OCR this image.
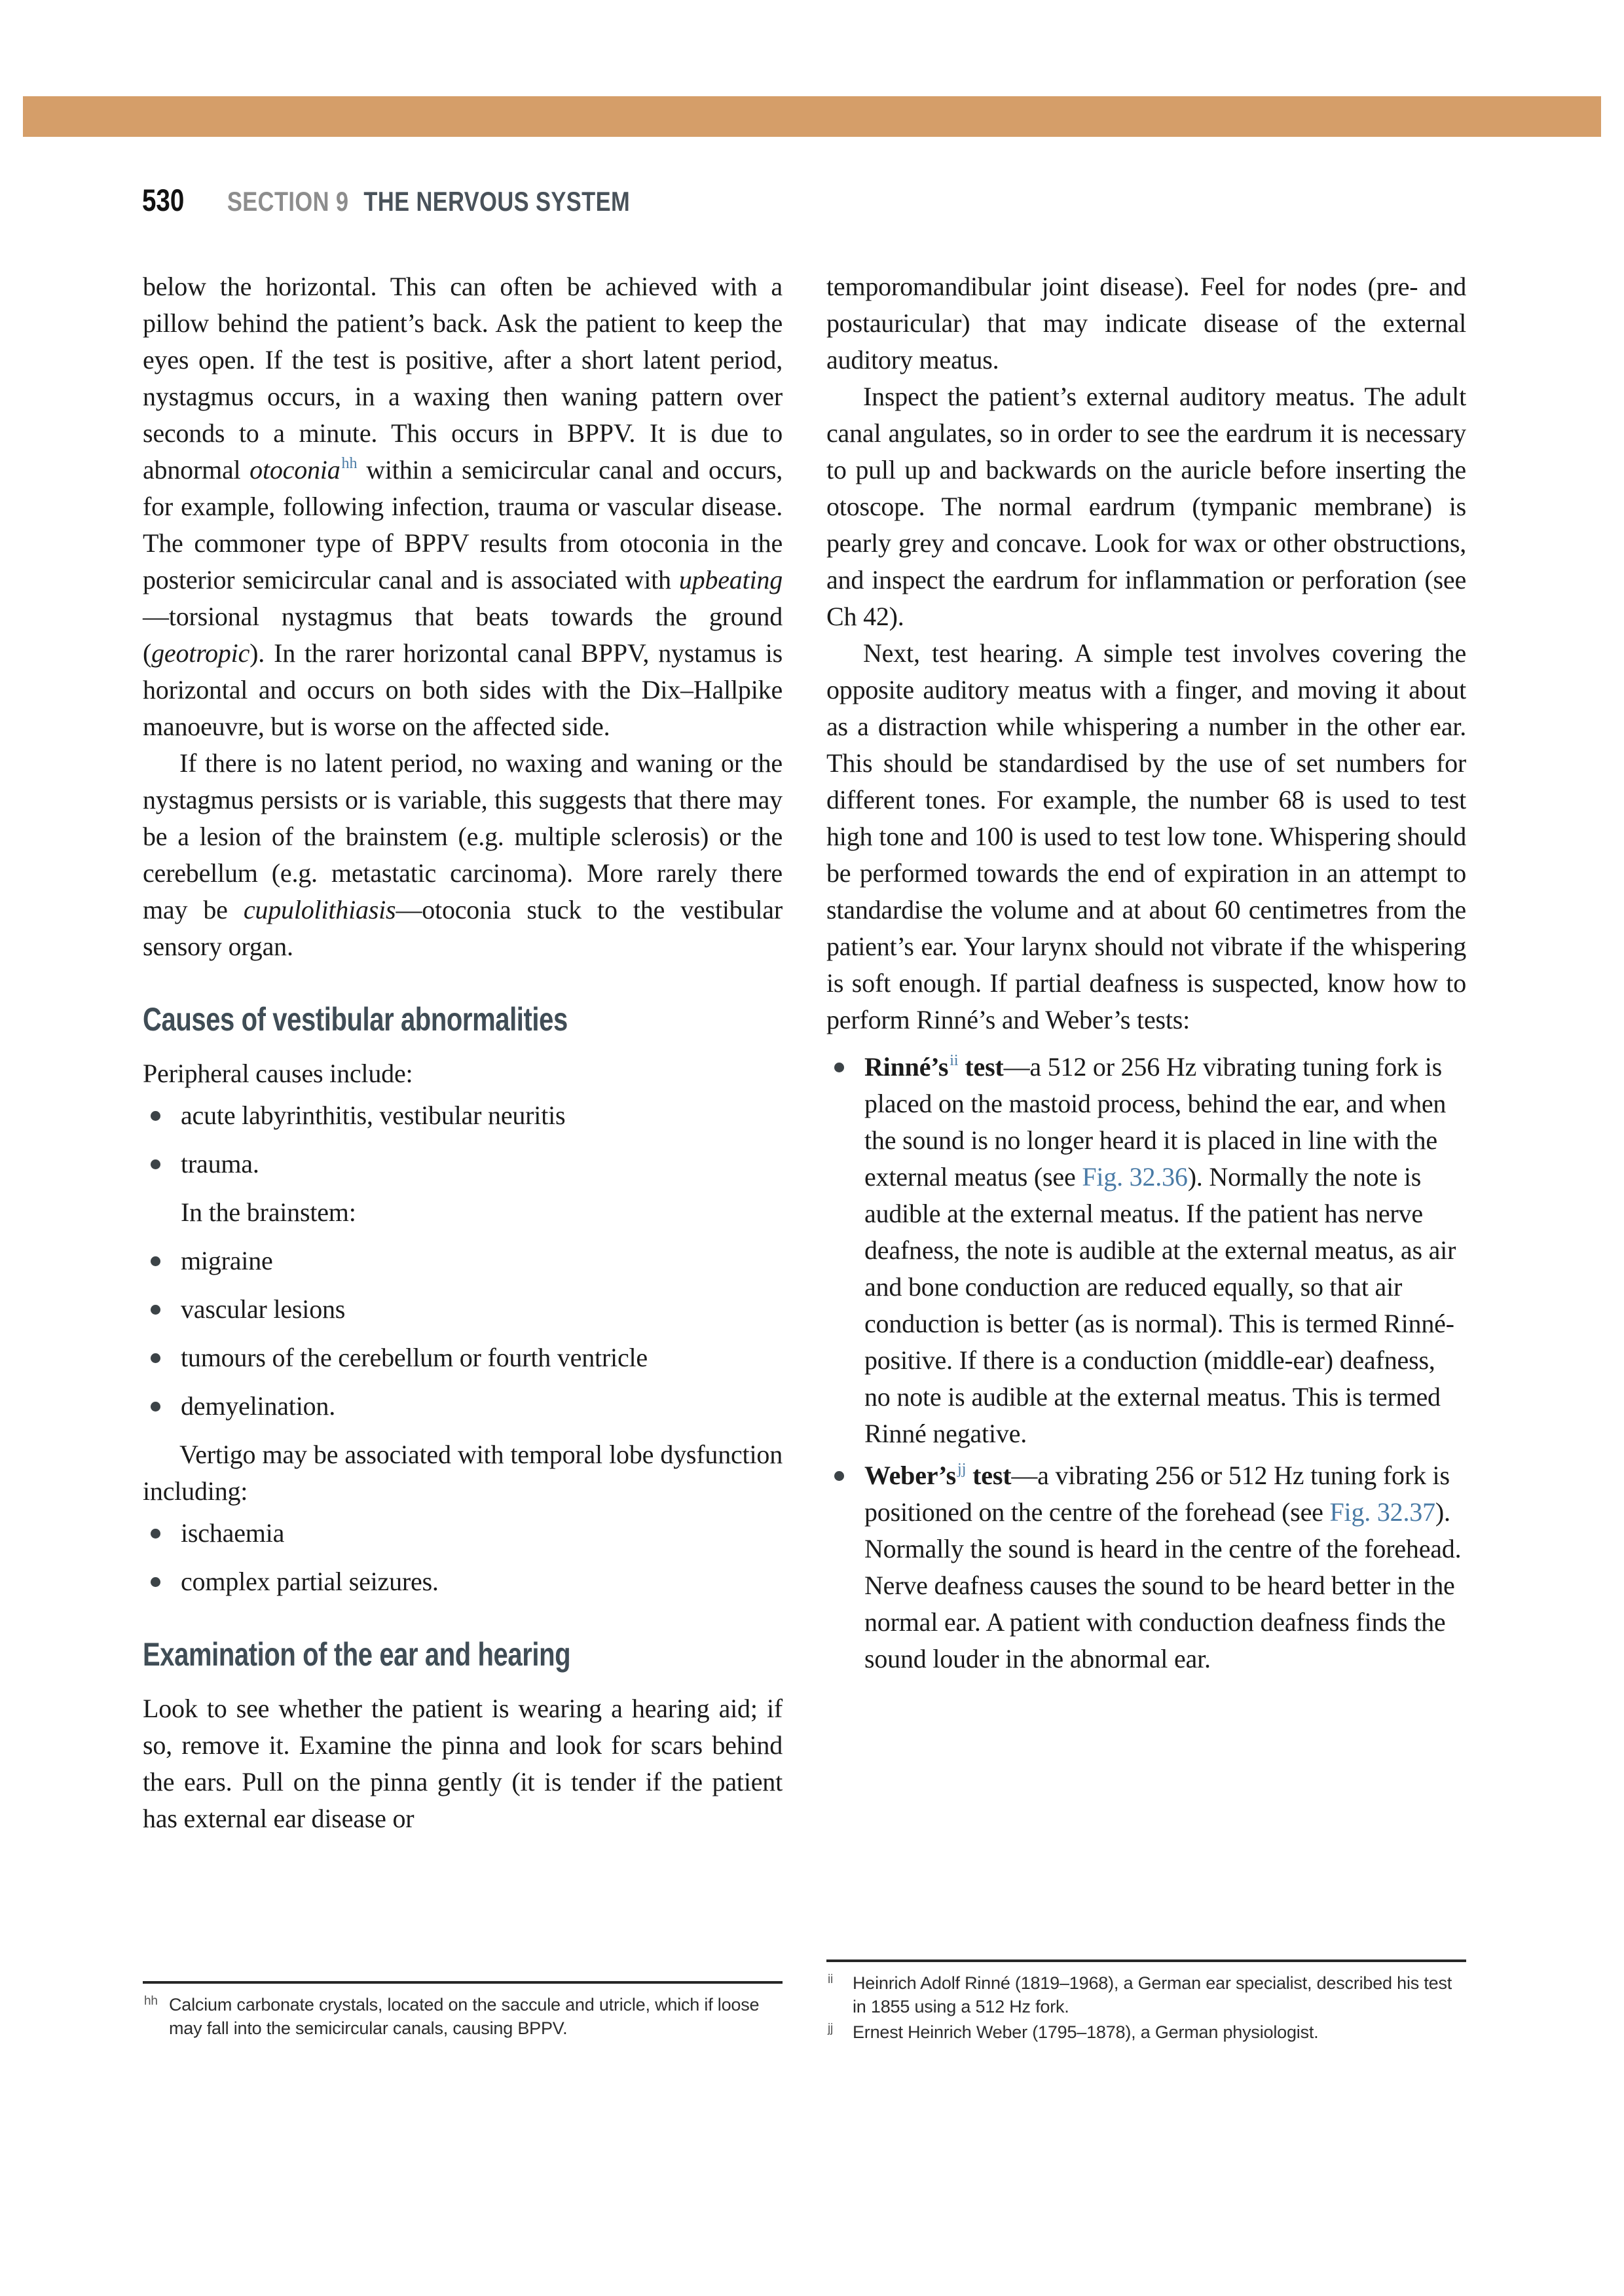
530 SECTION 9 THE NERVOUS SYSTEM

below the horizontal. This can often be achieved with a pillow behind the patient’s back. Ask the patient to keep the eyes open. If the test is positive, after a short latent period, nystagmus occurs, in a waxing then waning pattern over seconds to a minute. This occurs in BPPV. It is due to abnormal otoconia$^{hh}$ within a semicircular canal and occurs, for example, following infection, trauma or vascular disease. The commoner type of BPPV results from otoconia in the posterior semicircular canal and is associated with upbeating—torsional nystagmus that beats towards the ground (geotropic). In the rarer horizontal canal BPPV, nystamus is horizontal and occurs on both sides with the Dix–Hallpike manoeuvre, but is worse on the affected side.

If there is no latent period, no waxing and waning or the nystagmus persists or is variable, this suggests that there may be a lesion of the brainstem (e.g. multiple sclerosis) or the cerebellum (e.g. metastatic carcinoma). More rarely there may be cupulolithiasis—otoconia stuck to the vestibular sensory organ.

Causes of vestibular abnormalities

Peripheral causes include:

acute labyrinthitis, vestibular neuritis
trauma.

In the brainstem:

migraine
vascular lesions
tumours of the cerebellum or fourth ventricle
demyelination.

Vertigo may be associated with temporal lobe dysfunction including:

ischaemia
complex partial seizures.
Examination of the ear and hearing

Look to see whether the patient is wearing a hearing aid; if so, remove it. Examine the pinna and look for scars behind the ears. Pull on the pinna gently (it is tender if the patient has external ear disease or

temporomandibular joint disease). Feel for nodes (pre- and postauricular) that may indicate disease of the external auditory meatus.

Inspect the patient’s external auditory meatus. The adult canal angulates, so in order to see the eardrum it is necessary to pull up and backwards on the auricle before inserting the otoscope. The normal eardrum (tympanic membrane) is pearly grey and concave. Look for wax or other obstructions, and inspect the eardrum for inflammation or perforation (see Ch 42).

Next, test hearing. A simple test involves covering the opposite auditory meatus with a finger, and moving it about as a distraction while whispering a number in the other ear. This should be standardised by the use of set numbers for different tones. For example, the number 68 is used to test high tone and 100 is used to test low tone. Whispering should be performed towards the end of expiration in an attempt to standardise the volume and at about 60 centimetres from the patient’s ear. Your larynx should not vibrate if the whispering is soft enough. If partial deafness is suspected, know how to perform Rinné’s and Weber’s tests:

$Rinné’s^{ii}$ test—a 512 or 256 Hz vibrating tuning fork is placed on the mastoid process, behind the ear, and when the sound is no longer heard it is placed in line with the external meatus (see Fig. 32.36). Normally the note is audible at the external meatus. If the patient has nerve deafness, the note is audible at the external meatus, as air and bone conduction are reduced equally, so that air conduction is better (as is normal). This is termed Rinné-positive. If there is a conduction (middle-ear) deafness, no note is audible at the external meatus. This is termed Rinné negative.
$Weber’s^{jj}$ test—a vibrating 256 or 512 Hz tuning fork is positioned on the centre of the forehead (see Fig. 32.37). Normally the sound is heard in the centre of the forehead. Nerve deafness causes the sound to be heard better in the normal ear. A patient with conduction deafness finds the sound louder in the abnormal ear.
hh Calcium carbonate crystals, located on the saccule and utricle, which if loose may fall into the semicircular canals, causing BPPV.
ii Heinrich Adolf Rinné (1819–1968), a German ear specialist, described his test in 1855 using a 512 Hz fork.
jj Ernest Heinrich Weber (1795–1878), a German physiologist.
